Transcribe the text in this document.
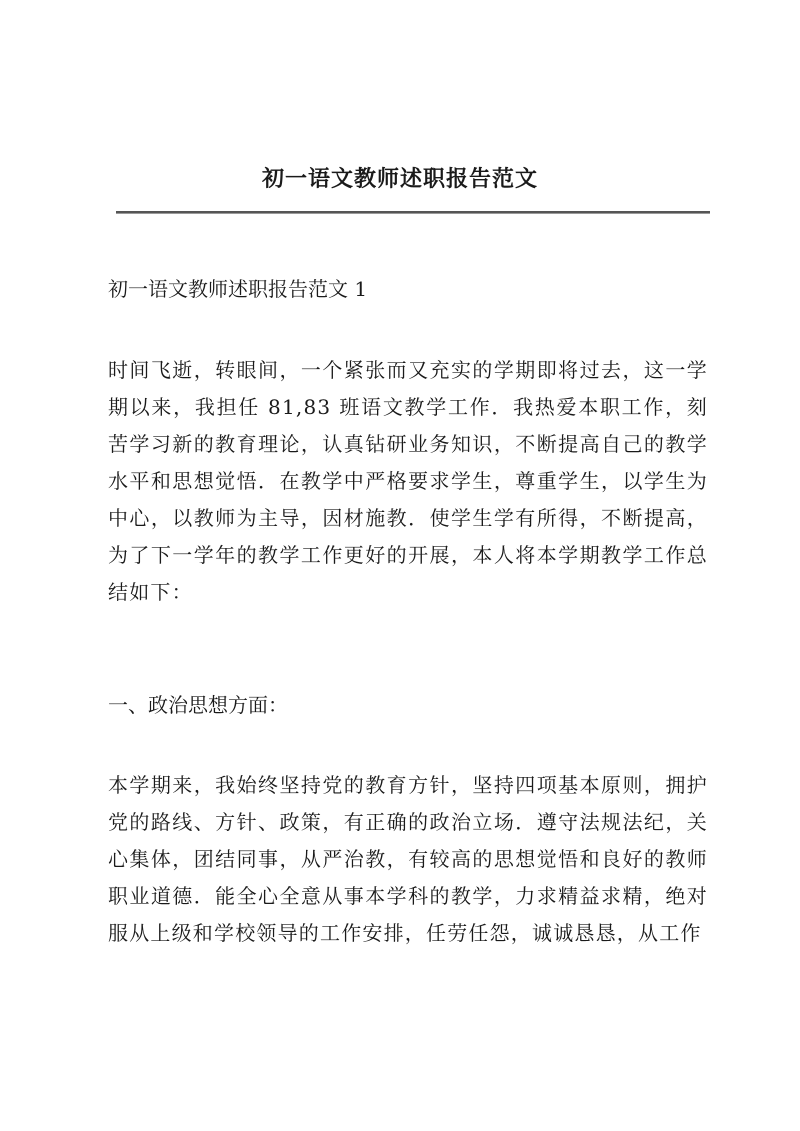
初一语文教师述职报告范文

初一语文教师述职报告范文 1

时间飞逝，转眼间，一个紧张而又充实的学期即将过去，这一学期以来，我担任 81,83 班语文教学工作．我热爱本职工作，刻苦学习新的教育理论，认真钻研业务知识，不断提高自己的教学水平和思想觉悟．在教学中严格要求学生，尊重学生，以学生为中心，以教师为主导，因材施教．使学生学有所得，不断提高，为了下一学年的教学工作更好的开展，本人将本学期教学工作总结如下：

一、政治思想方面：

本学期来，我始终坚持党的教育方针，坚持四项基本原则，拥护党的路线、方针、政策，有正确的政治立场．遵守法规法纪，关心集体，团结同事，从严治教，有较高的思想觉悟和良好的教师职业道德．能全心全意从事本学科的教学，力求精益求精，绝对服从上级和学校领导的工作安排，任劳任怨，诚诚恳恳，从工作
